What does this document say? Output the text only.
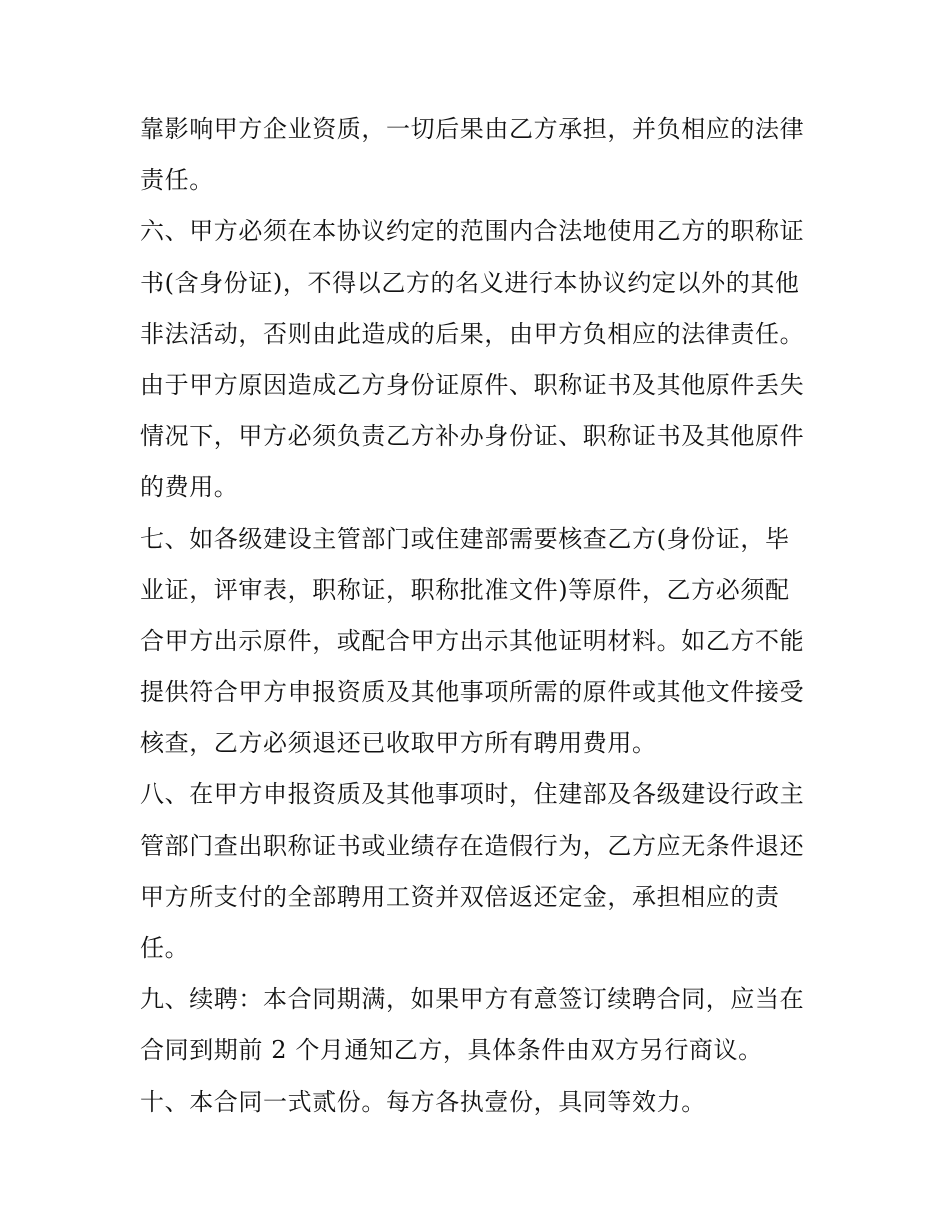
靠影响甲方企业资质，一切后果由乙方承担，并负相应的法律
责任。
六、甲方必须在本协议约定的范围内合法地使用乙方的职称证
书(含身份证)，不得以乙方的名义进行本协议约定以外的其他
非法活动，否则由此造成的后果，由甲方负相应的法律责任。
由于甲方原因造成乙方身份证原件、职称证书及其他原件丢失
情况下，甲方必须负责乙方补办身份证、职称证书及其他原件
的费用。
七、如各级建设主管部门或住建部需要核查乙方(身份证，毕
业证，评审表，职称证，职称批准文件)等原件，乙方必须配
合甲方出示原件，或配合甲方出示其他证明材料。如乙方不能
提供符合甲方申报资质及其他事项所需的原件或其他文件接受
核查，乙方必须退还已收取甲方所有聘用费用。
八、在甲方申报资质及其他事项时，住建部及各级建设行政主
管部门查出职称证书或业绩存在造假行为，乙方应无条件退还
甲方所支付的全部聘用工资并双倍返还定金，承担相应的责
任。
九、续聘：本合同期满，如果甲方有意签订续聘合同，应当在
合同到期前 2 个月通知乙方，具体条件由双方另行商议。
十、本合同一式贰份。每方各执壹份，具同等效力。
